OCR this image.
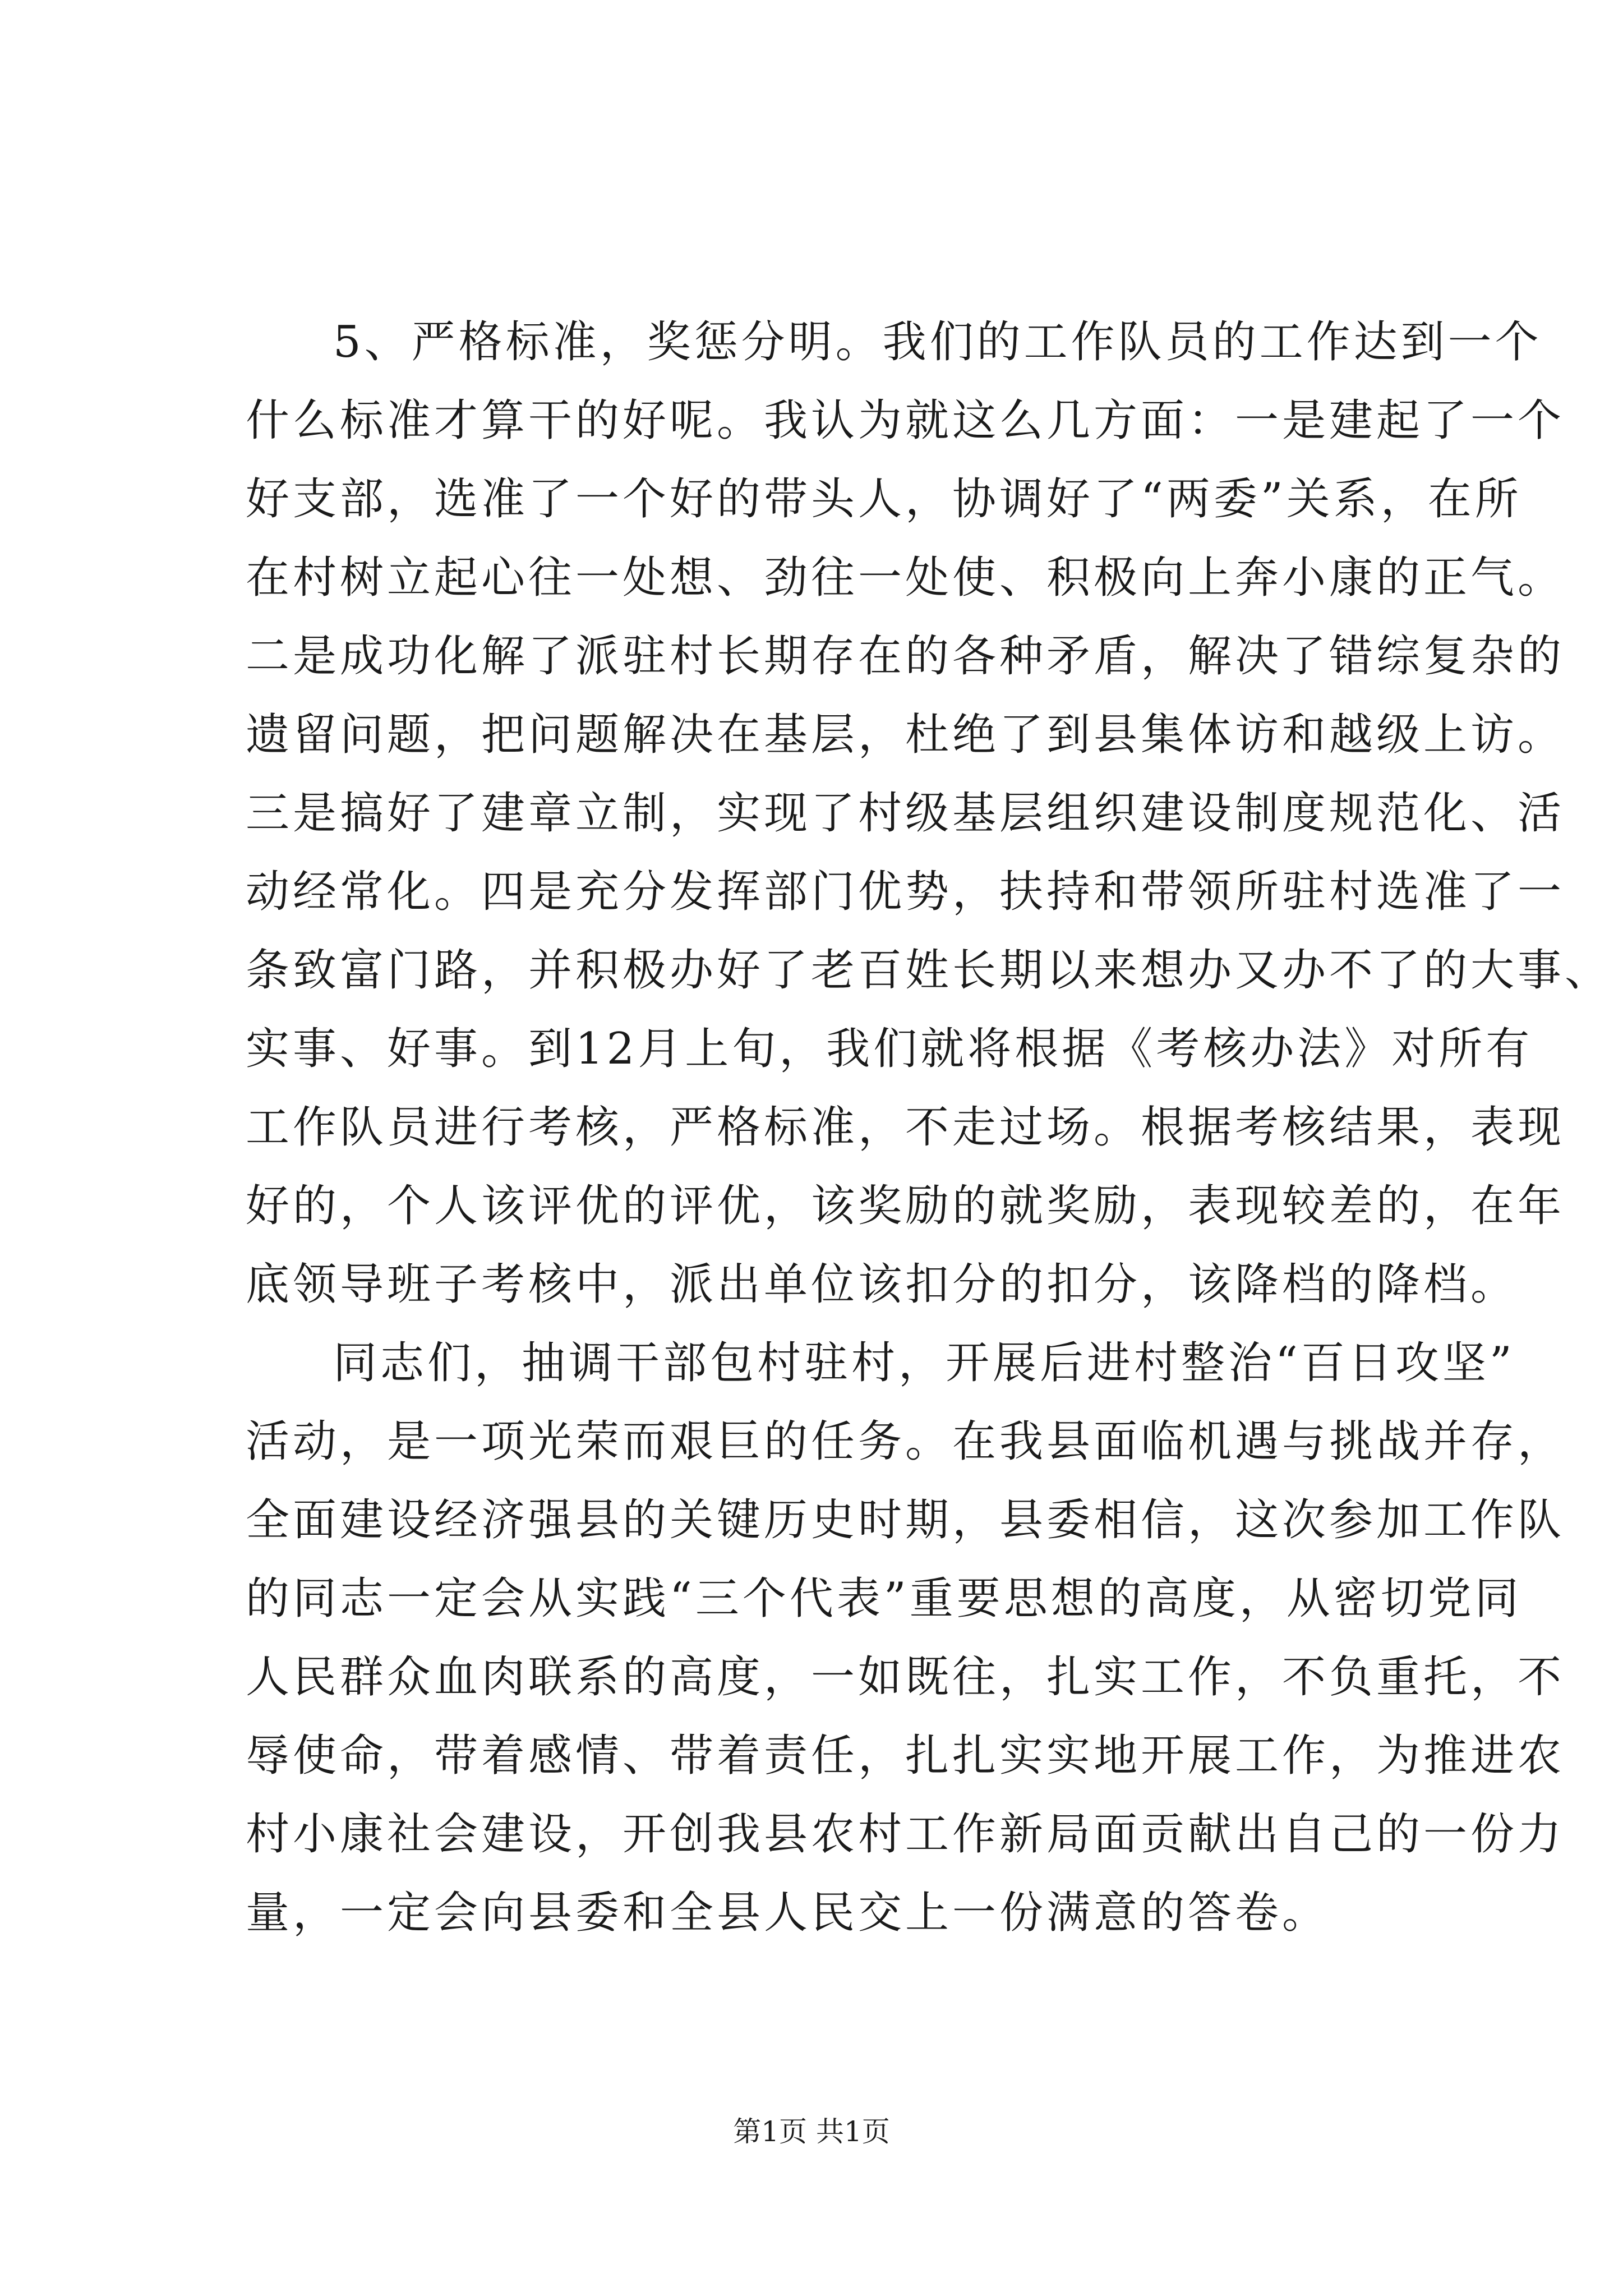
5、严格标准，奖惩分明。我们的工作队员的工作达到一个
什么标准才算干的好呢。我认为就这么几方面：一是建起了一个
好支部，选准了一个好的带头人，协调好了“两委”关系，在所
在村树立起心往一处想、劲往一处使、积极向上奔小康的正气。
二是成功化解了派驻村长期存在的各种矛盾，解决了错综复杂的
遗留问题，把问题解决在基层，杜绝了到县集体访和越级上访。
三是搞好了建章立制，实现了村级基层组织建设制度规范化、活
动经常化。四是充分发挥部门优势，扶持和带领所驻村选准了一
条致富门路，并积极办好了老百姓长期以来想办又办不了的大事、
实事、好事。到12月上旬，我们就将根据《考核办法》对所有
工作队员进行考核，严格标准，不走过场。根据考核结果，表现
好的，个人该评优的评优，该奖励的就奖励，表现较差的，在年
底领导班子考核中，派出单位该扣分的扣分，该降档的降档。
同志们，抽调干部包村驻村，开展后进村整治“百日攻坚”
活动，是一项光荣而艰巨的任务。在我县面临机遇与挑战并存，
全面建设经济强县的关键历史时期，县委相信，这次参加工作队
的同志一定会从实践“三个代表”重要思想的高度，从密切党同
人民群众血肉联系的高度，一如既往，扎实工作，不负重托，不
辱使命，带着感情、带着责任，扎扎实实地开展工作，为推进农
村小康社会建设，开创我县农村工作新局面贡献出自己的一份力
量，一定会向县委和全县人民交上一份满意的答卷。
第1页 共1页
